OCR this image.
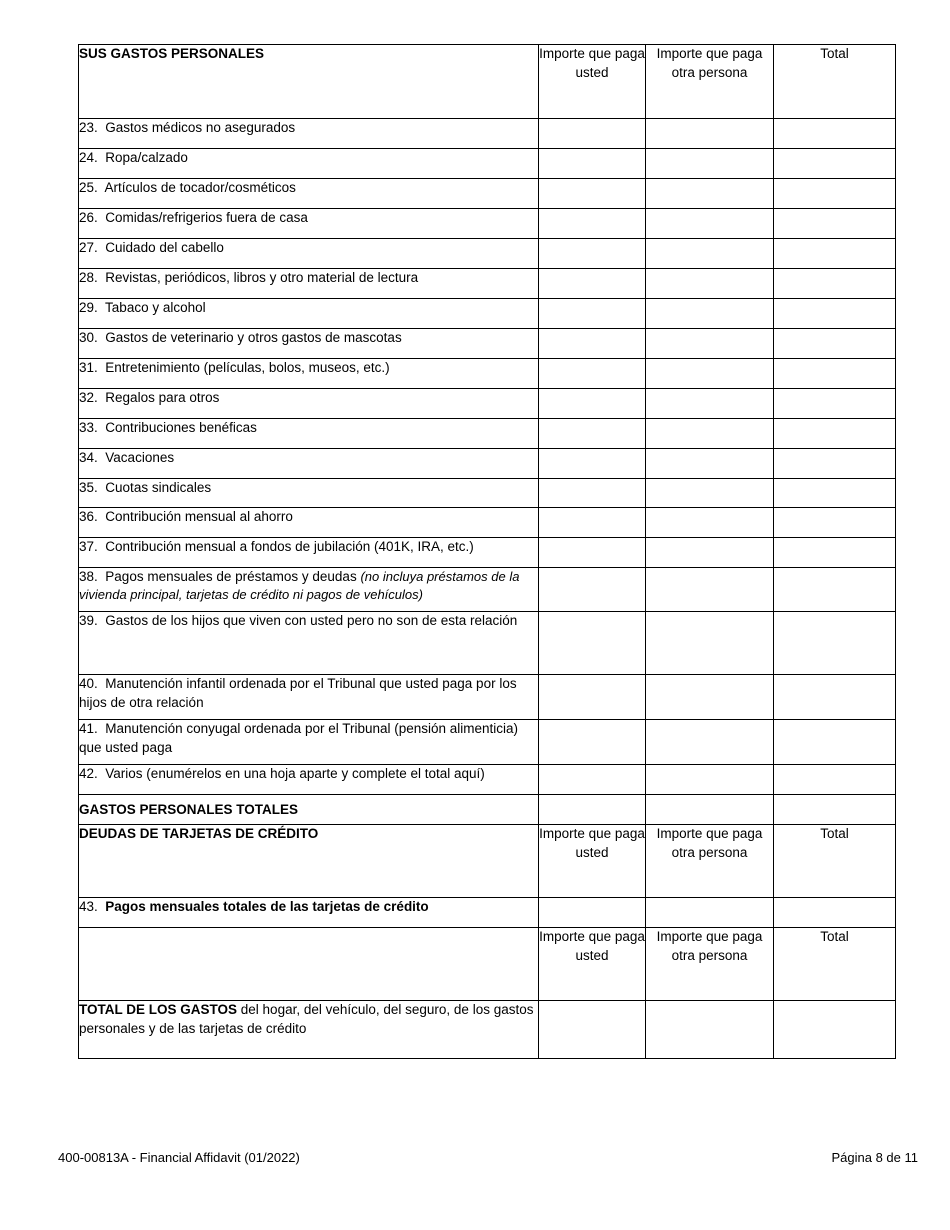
SUS GASTOS PERSONALES	Importe que paga usted	Importe que paga otra persona	Total
23. Gastos médicos no asegurados			
24. Ropa/calzado			
25. Artículos de tocador/cosméticos			
26. Comidas/refrigerios fuera de casa			
27. Cuidado del cabello			
28. Revistas, periódicos, libros y otro material de lectura			
29. Tabaco y alcohol			
30. Gastos de veterinario y otros gastos de mascotas			
31. Entretenimiento (películas, bolos, museos, etc.)			
32. Regalos para otros			
33. Contribuciones benéficas			
34. Vacaciones			
35. Cuotas sindicales			
36. Contribución mensual al ahorro			
37. Contribución mensual a fondos de jubilación (401K, IRA, etc.)			
38. Pagos mensuales de préstamos y deudas (no incluya préstamos de la vivienda principal, tarjetas de crédito ni pagos de vehículos)			
39. Gastos de los hijos que viven con usted pero no son de esta relación			
40. Manutención infantil ordenada por el Tribunal que usted paga por los hijos de otra relación			
41. Manutención conyugal ordenada por el Tribunal (pensión alimenticia) que usted paga			
42. Varios (enumérelos en una hoja aparte y complete el total aquí)			
GASTOS PERSONALES TOTALES			
DEUDAS DE TARJETAS DE CRÉDITO	Importe que paga usted	Importe que paga otra persona	Total
43. Pagos mensuales totales de las tarjetas de crédito			
	Importe que paga usted	Importe que paga otra persona	Total
TOTAL DE LOS GASTOS del hogar, del vehículo, del seguro, de los gastos personales y de las tarjetas de crédito			
400-00813A - Financial Affidavit (01/2022)	Página 8 de 11
